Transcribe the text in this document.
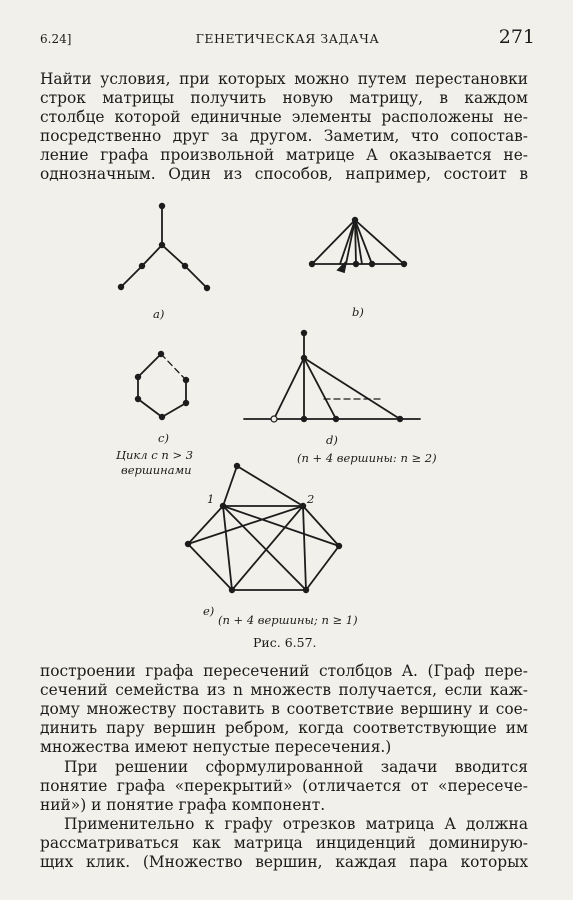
6.24]	ГЕНЕТИЧЕСКАЯ ЗАДАЧА	271

Найти условия, при которых можно путем перестановки
строк матрицы получить новую матрицу, в каждом
столбце которой единичные элементы расположены не-
посредственно друг за другом. Заметим, что сопостав-
ление графа произвольной матрице A оказывается не-
однозначным. Один из способов, например, состоит в

a)	b)
c)
Цикл с n > 3
вершинами
d)
(n + 4 вершины: n ≥ 2)
1	2
e)
(n + 4 вершины; n ≥ 1)
Рис. 6.57.

построении графа пересечений столбцов A. (Граф пере-
сечений семейства из n множеств получается, если каж-
дому множеству поставить в соответствие вершину и сое-
динить пару вершин ребром, когда соответствующие им
множества имеют непустые пересечения.)

При решении сформулированной задачи вводится
понятие графа «перекрытий» (отличается от «пересече-
ний») и понятие графа компонент.

Применительно к графу отрезков матрица A должна
рассматриваться как матрица инциденций доминирую-
щих клик. (Множество вершин, каждая пара которых
